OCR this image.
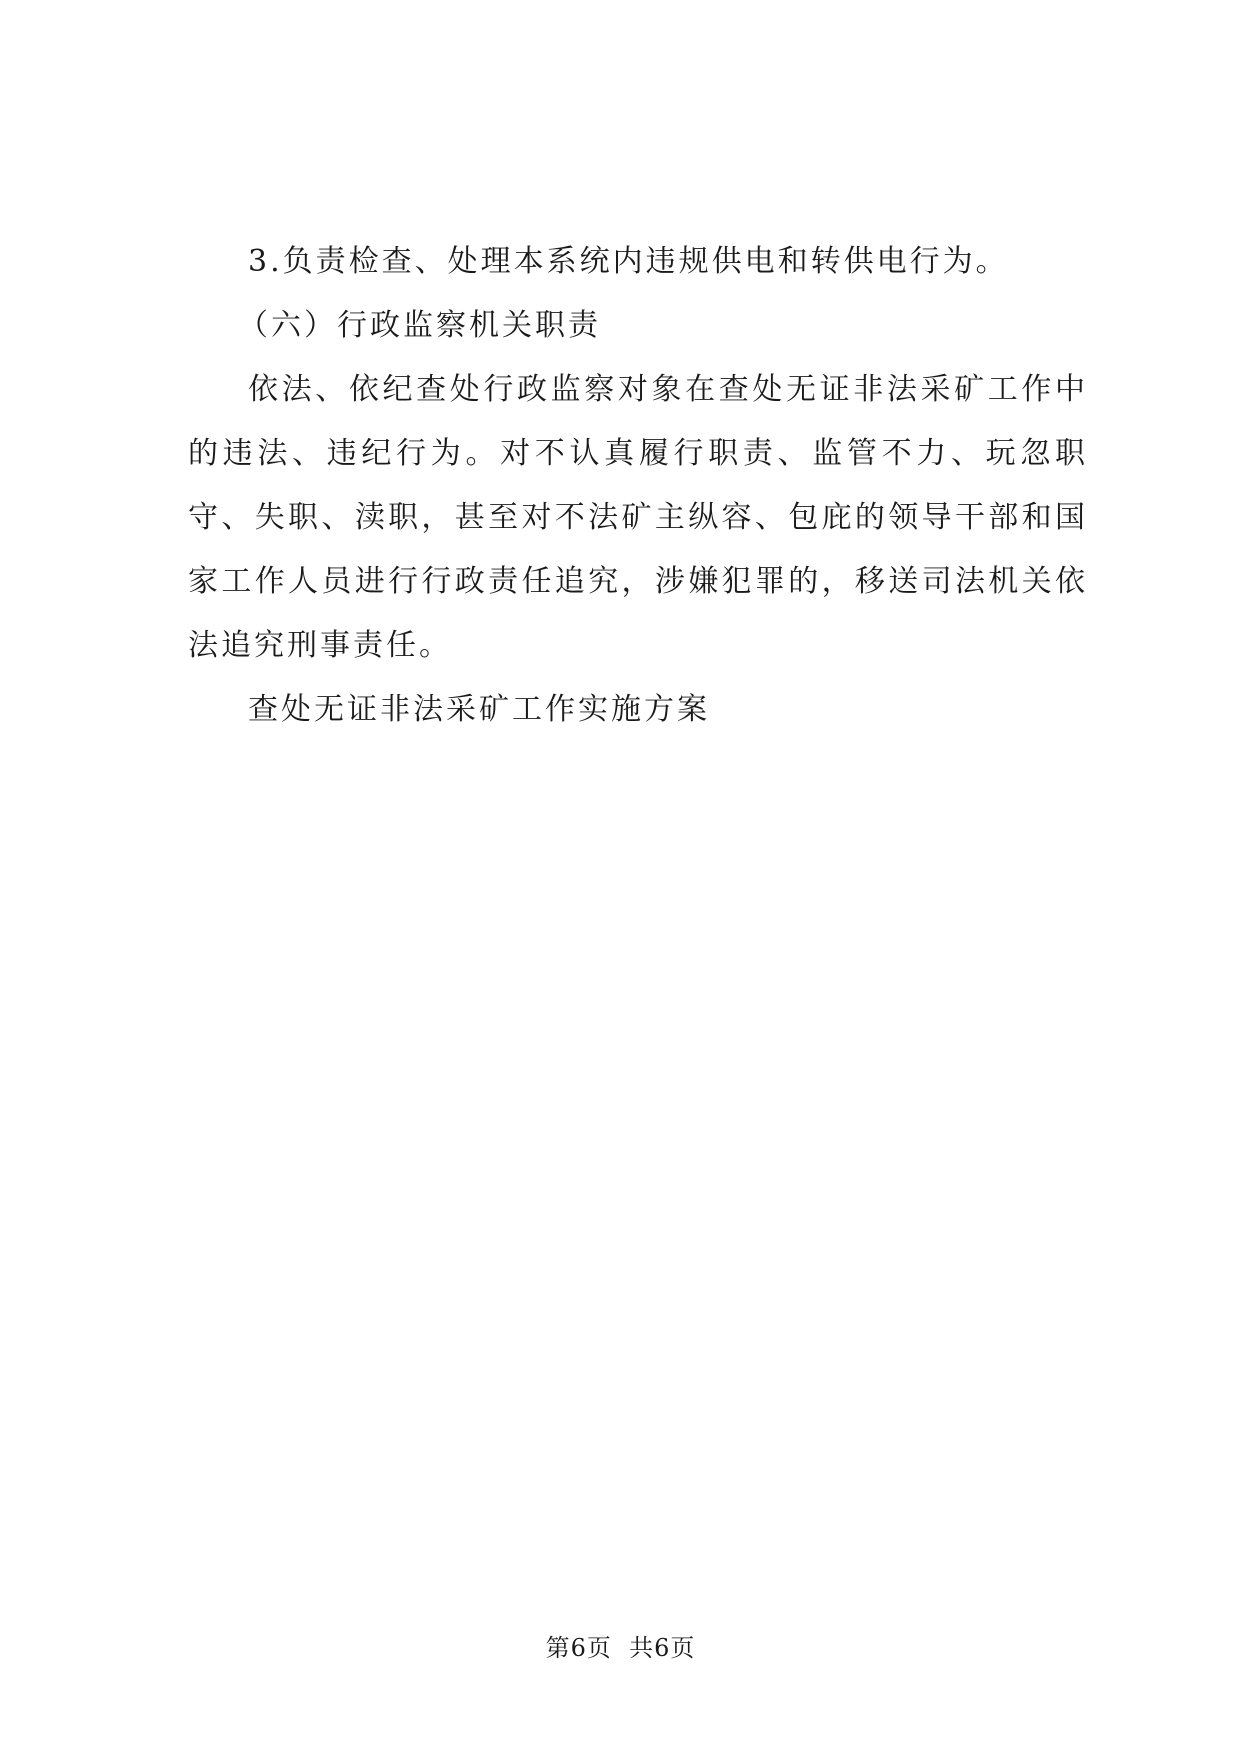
3.负责检查、处理本系统内违规供电和转供电行为。

（六）行政监察机关职责

依法、依纪查处行政监察对象在查处无证非法采矿工作中的违法、违纪行为。对不认真履行职责、监管不力、玩忽职守、失职、渎职，甚至对不法矿主纵容、包庇的领导干部和国家工作人员进行行政责任追究，涉嫌犯罪的，移送司法机关依法追究刑事责任。

查处无证非法采矿工作实施方案

第6页  共6页
